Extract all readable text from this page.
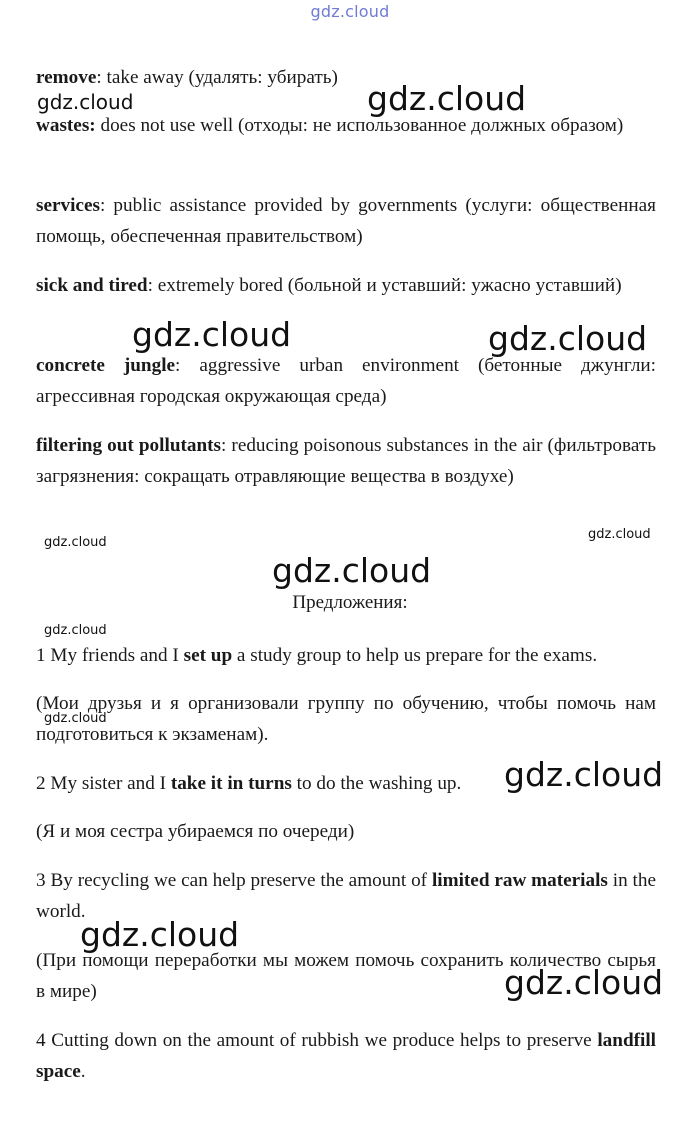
gdz.cloud

remove: take away (удалять: убирать)

wastes: does not use well (отходы: не использованное должных образом)

services: public assistance provided by governments (услуги: общественная помощь, обеспеченная правительством)

sick and tired: extremely bored (больной и уставший: ужасно уставший)

concrete jungle: aggressive urban environment (бетонные джунгли: агрессивная городская окружающая среда)

filtering out pollutants: reducing poisonous substances in the air (фильтровать загрязнения: сокращать отравляющие вещества в воздухе)

Предложения:

1 My friends and I set up a study group to help us prepare for the exams.

(Мои друзья и я организовали группу по обучению, чтобы помочь нам подготовиться к экзаменам).

2 My sister and I take it in turns to do the washing up.

(Я и моя сестра убираемся по очереди)

3 By recycling we can help preserve the amount of limited raw materials in the world.

(При помощи переработки мы можем помочь сохранить количество сырья в мире)

4 Cutting down on the amount of rubbish we produce helps to preserve landfill space.

gdz.cloud	gdz.cloud
gdz.cloud	gdz.cloud
gdz.cloud
gdz.cloud
gdz.cloud
gdz.cloud
gdz.cloud
gdz.cloud
gdz.cloud
gdz.cloud
